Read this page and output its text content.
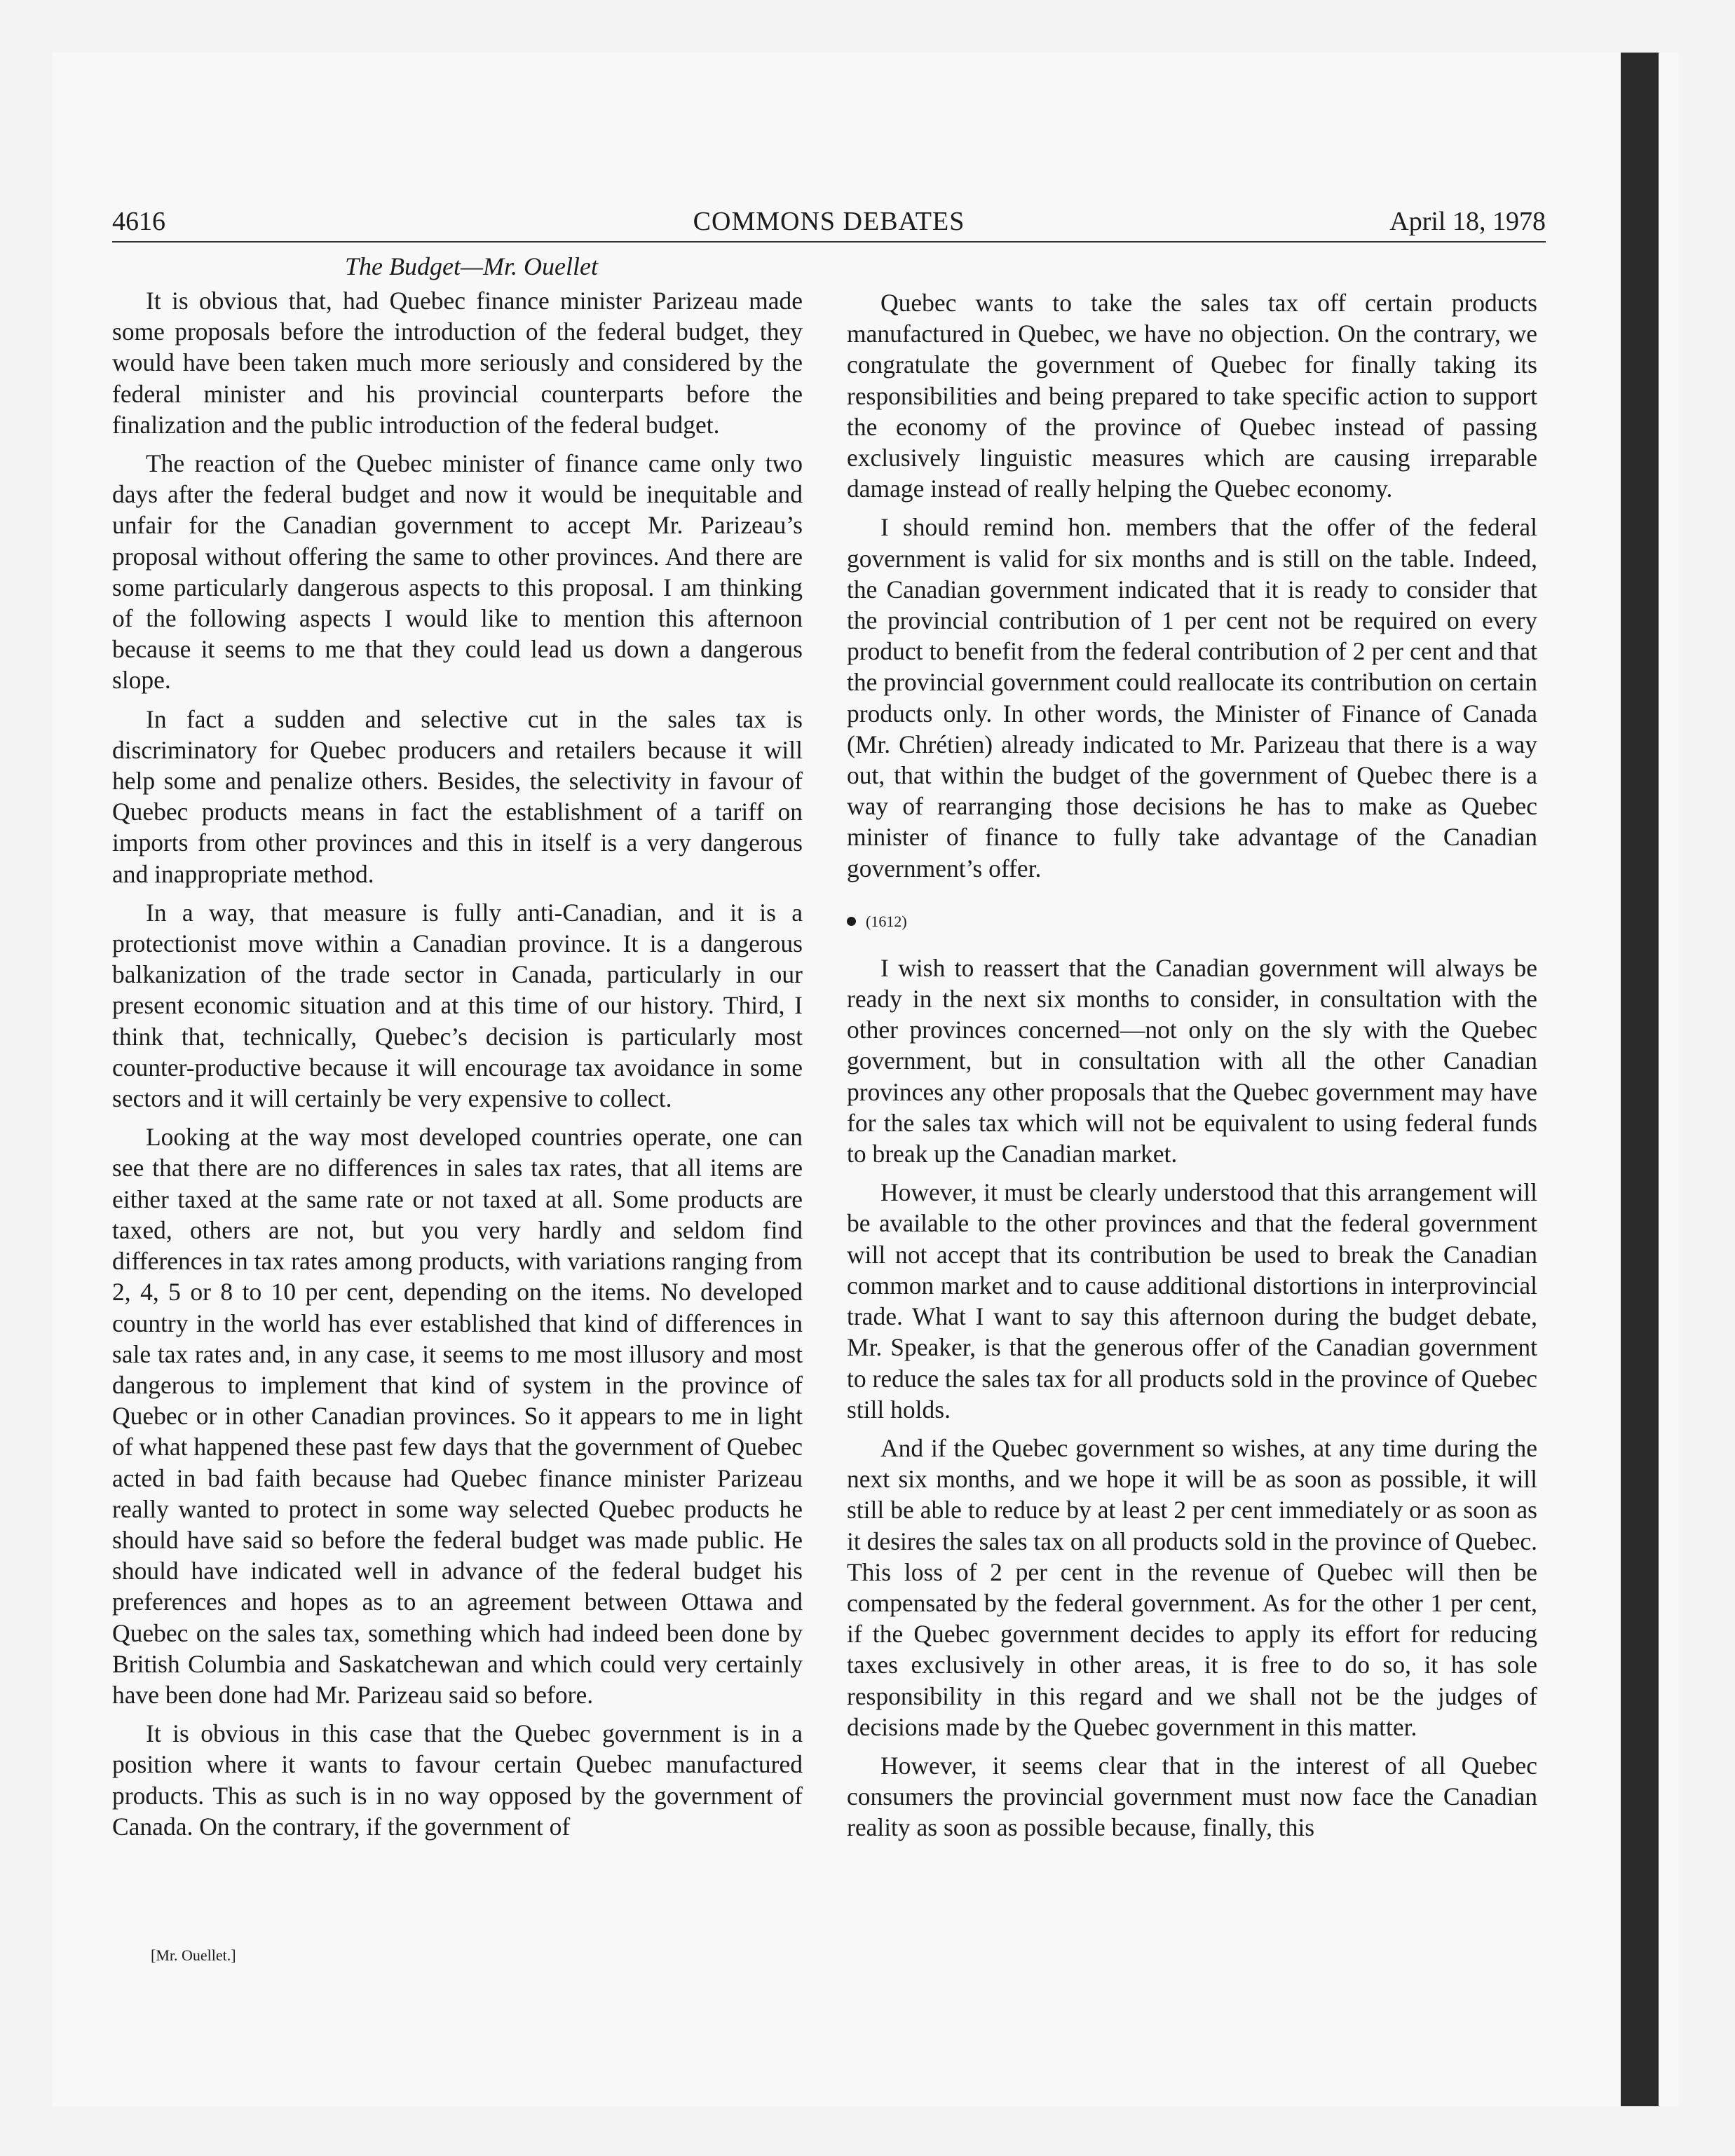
4616	COMMONS DEBATES	April 18, 1978
The Budget—Mr. Ouellet

It is obvious that, had Quebec finance minister Parizeau made some proposals before the introduction of the federal budget, they would have been taken much more seriously and considered by the federal minister and his provincial counterparts before the finalization and the public introduction of the federal budget.

The reaction of the Quebec minister of finance came only two days after the federal budget and now it would be inequitable and unfair for the Canadian government to accept Mr. Parizeau’s proposal without offering the same to other provinces. And there are some particularly dangerous aspects to this proposal. I am thinking of the following aspects I would like to mention this afternoon because it seems to me that they could lead us down a dangerous slope.

In fact a sudden and selective cut in the sales tax is discriminatory for Quebec producers and retailers because it will help some and penalize others. Besides, the selectivity in favour of Quebec products means in fact the establishment of a tariff on imports from other provinces and this in itself is a very dangerous and inappropriate method.

In a way, that measure is fully anti-Canadian, and it is a protectionist move within a Canadian province. It is a dangerous balkanization of the trade sector in Canada, particularly in our present economic situation and at this time of our history. Third, I think that, technically, Quebec’s decision is particularly most counter-productive because it will encourage tax avoidance in some sectors and it will certainly be very expensive to collect.

Looking at the way most developed countries operate, one can see that there are no differences in sales tax rates, that all items are either taxed at the same rate or not taxed at all. Some products are taxed, others are not, but you very hardly and seldom find differences in tax rates among products, with variations ranging from 2, 4, 5 or 8 to 10 per cent, depending on the items. No developed country in the world has ever established that kind of differences in sale tax rates and, in any case, it seems to me most illusory and most dangerous to implement that kind of system in the province of Quebec or in other Canadian provinces. So it appears to me in light of what happened these past few days that the government of Quebec acted in bad faith because had Quebec finance minister Parizeau really wanted to protect in some way selected Quebec products he should have said so before the federal budget was made public. He should have indicated well in advance of the federal budget his preferences and hopes as to an agreement between Ottawa and Quebec on the sales tax, something which had indeed been done by British Columbia and Saskatchewan and which could very certainly have been done had Mr. Parizeau said so before.

It is obvious in this case that the Quebec government is in a position where it wants to favour certain Quebec manufactured products. This as such is in no way opposed by the government of Canada. On the contrary, if the government of

Quebec wants to take the sales tax off certain products manufactured in Quebec, we have no objection. On the contrary, we congratulate the government of Quebec for finally taking its responsibilities and being prepared to take specific action to support the economy of the province of Quebec instead of passing exclusively linguistic measures which are causing irreparable damage instead of really helping the Quebec economy.

I should remind hon. members that the offer of the federal government is valid for six months and is still on the table. Indeed, the Canadian government indicated that it is ready to consider that the provincial contribution of 1 per cent not be required on every product to benefit from the federal contribution of 2 per cent and that the provincial government could reallocate its contribution on certain products only. In other words, the Minister of Finance of Canada (Mr. Chrétien) already indicated to Mr. Parizeau that there is a way out, that within the budget of the government of Quebec there is a way of rearranging those decisions he has to make as Quebec minister of finance to fully take advantage of the Canadian government’s offer.

(1612)

I wish to reassert that the Canadian government will always be ready in the next six months to consider, in consultation with the other provinces concerned—not only on the sly with the Quebec government, but in consultation with all the other Canadian provinces any other proposals that the Quebec government may have for the sales tax which will not be equivalent to using federal funds to break up the Canadian market.

However, it must be clearly understood that this arrangement will be available to the other provinces and that the federal government will not accept that its contribution be used to break the Canadian common market and to cause additional distortions in interprovincial trade. What I want to say this afternoon during the budget debate, Mr. Speaker, is that the generous offer of the Canadian government to reduce the sales tax for all products sold in the province of Quebec still holds.

And if the Quebec government so wishes, at any time during the next six months, and we hope it will be as soon as possible, it will still be able to reduce by at least 2 per cent immediately or as soon as it desires the sales tax on all products sold in the province of Quebec. This loss of 2 per cent in the revenue of Quebec will then be compensated by the federal government. As for the other 1 per cent, if the Quebec government decides to apply its effort for reducing taxes exclusively in other areas, it is free to do so, it has sole responsibility in this regard and we shall not be the judges of decisions made by the Quebec government in this matter.

However, it seems clear that in the interest of all Quebec consumers the provincial government must now face the Canadian reality as soon as possible because, finally, this

[Mr. Ouellet.]
